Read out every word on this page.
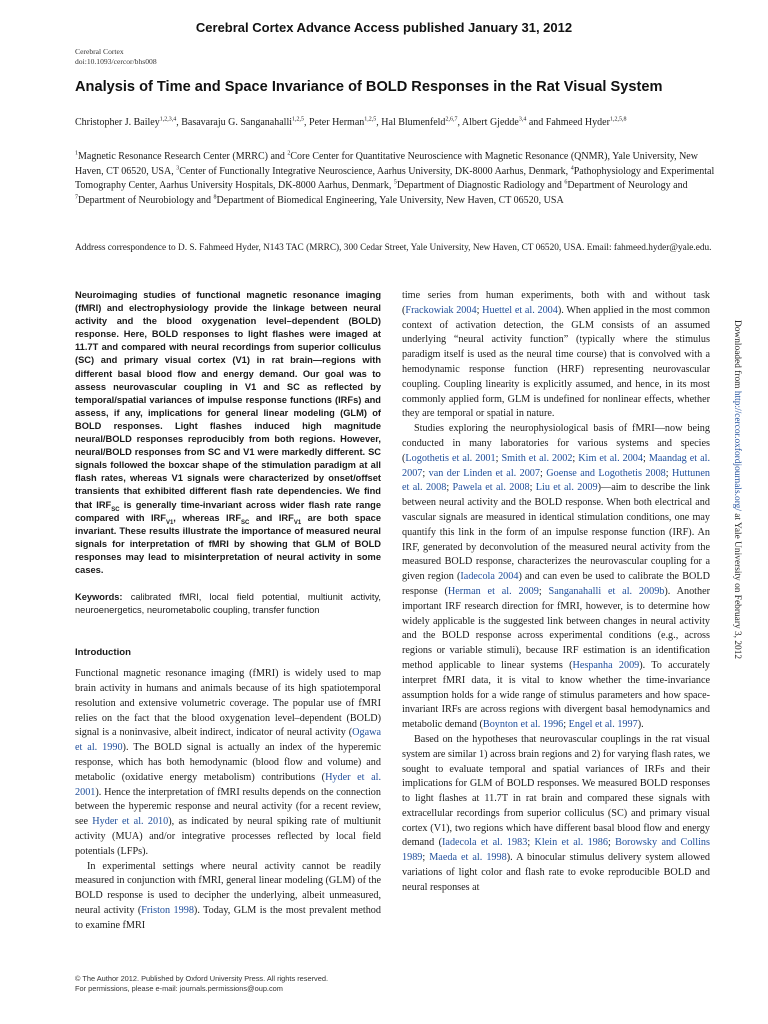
Cerebral Cortex Advance Access published January 31, 2012
Cerebral Cortex
doi:10.1093/cercor/bhs008
Analysis of Time and Space Invariance of BOLD Responses in the Rat Visual System
Christopher J. Bailey$^{1,2,3,4}$, Basavaraju G. Sanganahalli$^{1,2,5}$, Peter Herman$^{1,2,5}$, Hal Blumenfeld$^{2,6,7}$, Albert Gjedde$^{3,4}$ and Fahmeed Hyder$^{1,2,5,8}$
$^1$Magnetic Resonance Research Center (MRRC) and $^2$Core Center for Quantitative Neuroscience with Magnetic Resonance (QNMR), Yale University, New Haven, CT 06520, USA, $^3$Center of Functionally Integrative Neuroscience, Aarhus University, DK-8000 Aarhus, Denmark, $^4$Pathophysiology and Experimental Tomography Center, Aarhus University Hospitals, DK-8000 Aarhus, Denmark, $^5$Department of Diagnostic Radiology and $^6$Department of Neurology and $^7$Department of Neurobiology and $^8$Department of Biomedical Engineering, Yale University, New Haven, CT 06520, USA
Address correspondence to D. S. Fahmeed Hyder, N143 TAC (MRRC), 300 Cedar Street, Yale University, New Haven, CT 06520, USA. Email: fahmeed.hyder@yale.edu.

Neuroimaging studies of functional magnetic resonance imaging (fMRI) and electrophysiology provide the linkage between neural activity and the blood oxygenation level–dependent (BOLD) response. Here, BOLD responses to light flashes were imaged at 11.7T and compared with neural recordings from superior colliculus (SC) and primary visual cortex (V1) in rat brain—regions with different basal blood flow and energy demand. Our goal was to assess neurovascular coupling in V1 and SC as reflected by temporal/spatial variances of impulse response functions (IRFs) and assess, if any, implications for general linear modeling (GLM) of BOLD responses. Light flashes induced high magnitude neural/BOLD responses reproducibly from both regions. However, neural/BOLD responses from SC and V1 were markedly different. SC signals followed the boxcar shape of the stimulation paradigm at all flash rates, whereas V1 signals were characterized by onset/offset transients that exhibited different flash rate dependencies. We find that $IRF_{SC}$ is generally time-invariant across wider flash rate range compared with $IRF_{V1}$, whereas $IRF_{SC}$ and $IRF_{V1}$ are both space invariant. These results illustrate the importance of measured neural signals for interpretation of fMRI by showing that GLM of BOLD responses may lead to misinterpretation of neural activity in some cases.

Keywords: calibrated fMRI, local field potential, multiunit activity, neuroenergetics, neurometabolic coupling, transfer function
Introduction

Functional magnetic resonance imaging (fMRI) is widely used to map brain activity in humans and animals because of its high spatiotemporal resolution and extensive volumetric coverage. The popular use of fMRI relies on the fact that the blood oxygenation level–dependent (BOLD) signal is a noninvasive, albeit indirect, indicator of neural activity (Ogawa et al. 1990). The BOLD signal is actually an index of the hyperemic response, which has both hemodynamic (blood flow and volume) and metabolic (oxidative energy metabolism) contributions (Hyder et al. 2001). Hence the interpretation of fMRI results depends on the connection between the hyperemic response and neural activity (for a recent review, see Hyder et al. 2010), as indicated by neural spiking rate of multiunit activity (MUA) and/or integrative processes reflected by local field potentials (LFPs).

In experimental settings where neural activity cannot be readily measured in conjunction with fMRI, general linear modeling (GLM) of the BOLD response is used to decipher the underlying, albeit unmeasured, neural activity (Friston 1998). Today, GLM is the most prevalent method to examine fMRI

time series from human experiments, both with and without task (Frackowiak 2004; Huettel et al. 2004). When applied in the most common context of activation detection, the GLM consists of an assumed underlying “neural activity function” (typically where the stimulus paradigm itself is used as the neural time course) that is convolved with a hemodynamic response function (HRF) representing neurovascular coupling. Coupling linearity is explicitly assumed, and hence, in its most commonly applied form, GLM is undefined for nonlinear effects, whether they are temporal or spatial in nature.

Studies exploring the neurophysiological basis of fMRI—now being conducted in many laboratories for various systems and species (Logothetis et al. 2001; Smith et al. 2002; Kim et al. 2004; Maandag et al. 2007; van der Linden et al. 2007; Goense and Logothetis 2008; Huttunen et al. 2008; Pawela et al. 2008; Liu et al. 2009)—aim to describe the link between neural activity and the BOLD response. When both electrical and vascular signals are measured in identical stimulation conditions, one may quantify this link in the form of an impulse response function (IRF). An IRF, generated by deconvolution of the measured neural activity from the measured BOLD response, characterizes the neurovascular coupling for a given region (Iadecola 2004) and can even be used to calibrate the BOLD response (Herman et al. 2009; Sanganahalli et al. 2009b). Another important IRF research direction for fMRI, however, is to determine how widely applicable is the suggested link between changes in neural activity and the BOLD response across experimental conditions (e.g., across regions or variable stimuli), because IRF estimation is an identification method applicable to linear systems (Hespanha 2009). To accurately interpret fMRI data, it is vital to know whether the time-invariance assumption holds for a wide range of stimulus parameters and how space-invariant IRFs are across regions with divergent basal hemodynamics and metabolic demand (Boynton et al. 1996; Engel et al. 1997).

Based on the hypotheses that neurovascular couplings in the rat visual system are similar 1) across brain regions and 2) for varying flash rates, we sought to evaluate temporal and spatial variances of IRFs and their implications for GLM of BOLD responses. We measured BOLD responses to light flashes at 11.7T in rat brain and compared these signals with extracellular recordings from superior colliculus (SC) and primary visual cortex (V1), two regions which have different basal blood flow and energy demand (Iadecola et al. 1983; Klein et al. 1986; Borowsky and Collins 1989; Maeda et al. 1998). A binocular stimulus delivery system allowed variations of light color and flash rate to evoke reproducible BOLD and neural responses at

Downloaded from http://cercor.oxfordjournals.org/ at Yale University on February 3, 2012
© The Author 2012. Published by Oxford University Press. All rights reserved.
For permissions, please e-mail: journals.permissions@oup.com
